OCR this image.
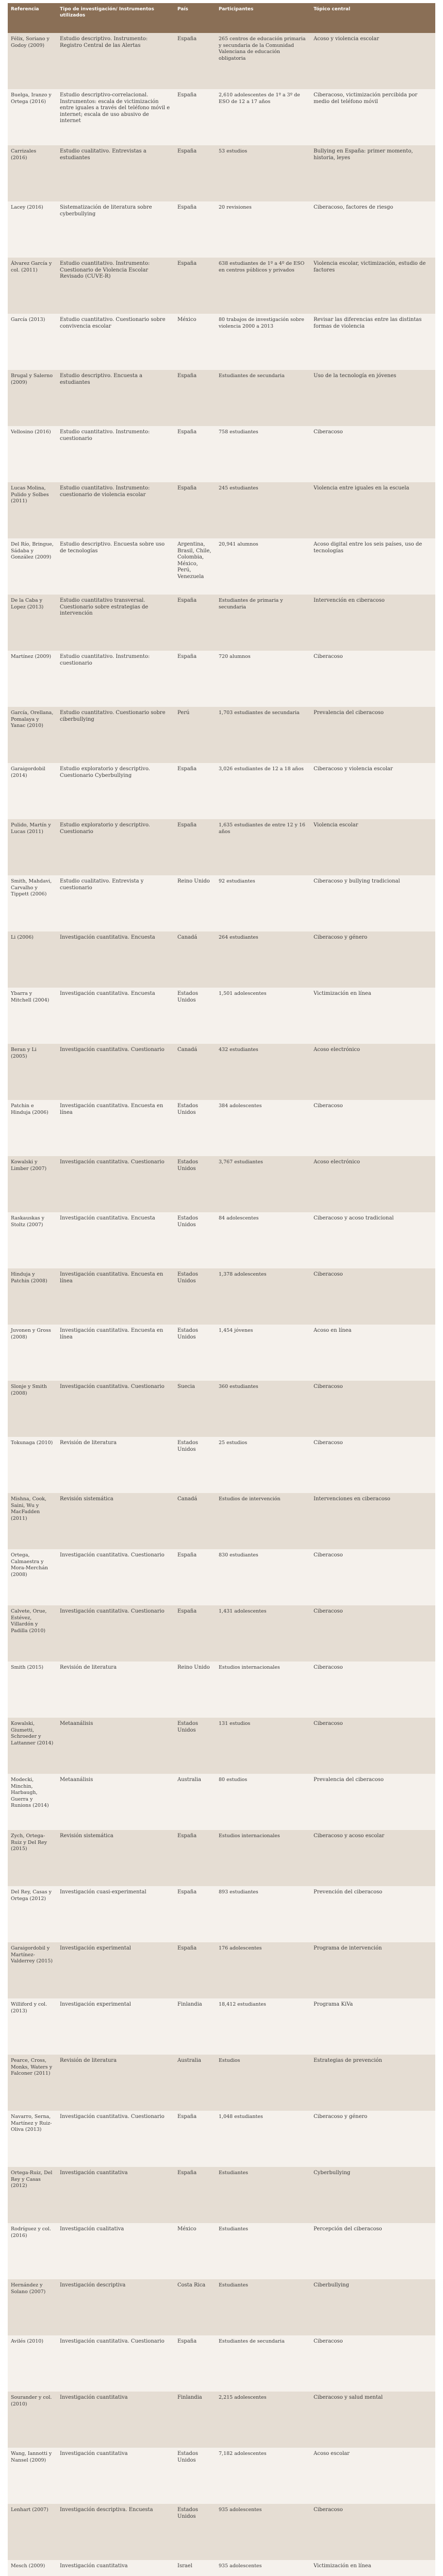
Referencia	Tipo de investigación/ Instrumentos utilizados	País	Participantes	Tópico central
Félix, Soriano y Godoy (2009)	Estudio descriptivo. Instrumento: Registro Central de las Alertas	España	265 centros de educación primaria y secundaria de la Comunidad Valenciana de educación obligatoria	Acoso y violencia escolar
Buelga, Iranzo y Ortega (2016)	Estudio descriptivo-correlacional. Instrumentos: escala de victimización entre iguales a través del teléfono móvil e internet; escala de uso abusivo de internet	España	2,610 adolescentes de 1º a 3º de ESO de 12 a 17 años	Ciberacoso, victimización percibida por medio del teléfono móvil
Carrizales (2016)	Estudio cualitativo. Entrevistas a estudiantes	España	53 estudios	Bullying en España: primer momento, historia, leyes
Lacey (2016)	Sistematización de literatura sobre cyberbullying	España	20 revisiones	Ciberacoso, factores de riesgo
Álvarez García y col. (2011)	Estudio cuantitativo. Instrumento: Cuestionario de Violencia Escolar Revisado (CUVE-R)	España	638 estudiantes de 1º a 4º de ESO en centros públicos y privados	Violencia escolar, victimización, estudio de factores
García (2013)	Estudio cuantitativo. Cuestionario sobre convivencia escolar	México	80 trabajos de investigación sobre violencia 2000 a 2013	Revisar las diferencias entre las distintas formas de violencia
Brugal y Salerno (2009)	Estudio descriptivo. Encuesta a estudiantes	España	Estudiantes de secundaria	Uso de la tecnología en jóvenes
Vellosino (2016)	Estudio cuantitativo. Instrumento: cuestionario	España	758 estudiantes	Ciberacoso
Lucas Molina, Pulido y Solbes (2011)	Estudio cuantitativo. Instrumento: cuestionario de violencia escolar	España	245 estudiantes	Violencia entre iguales en la escuela
Del Río, Bringue, Sádaba y González (2009)	Estudio descriptivo. Encuesta sobre uso de tecnologías	Argentina, Brasil, Chile, Colombia, México, Perú, Venezuela	20,941 alumnos	Acoso digital entre los seis países, uso de tecnologías
De la Caba y Lopez (2013)	Estudio cuantitativo transversal. Cuestionario sobre estrategias de intervención	España	Estudiantes de primaria y secundaria	Intervención en ciberacoso
Martínez (2009)	Estudio cuantitativo. Instrumento: cuestionario	España	720 alumnos	Ciberacoso
García, Orellana, Pomalaya y Yanac (2010)	Estudio cuantitativo. Cuestionario sobre ciberbullying	Perú	1,703 estudiantes de secundaria	Prevalencia del ciberacoso
Garaigordobil (2014)	Estudio exploratorio y descriptivo. Cuestionario Cyberbullying	España	3,026 estudiantes de 12 a 18 años	Ciberacoso y violencia escolar
Pulido, Martín y Lucas (2011)	Estudio exploratorio y descriptivo. Cuestionario	España	1,635 estudiantes de entre 12 y 16 años	Violencia escolar
Smith, Mahdavi, Carvalho y Tippett (2006)	Estudio cualitativo. Entrevista y cuestionario	Reino Unido	92 estudiantes	Ciberacoso y bullying tradicional
Li (2006)	Investigación cuantitativa. Encuesta	Canadá	264 estudiantes	Ciberacoso y género
Ybarra y Mitchell (2004)	Investigación cuantitativa. Encuesta	Estados Unidos	1,501 adolescentes	Victimización en línea
Beran y Li (2005)	Investigación cuantitativa. Cuestionario	Canadá	432 estudiantes	Acoso electrónico
Patchin e Hinduja (2006)	Investigación cuantitativa. Encuesta en línea	Estados Unidos	384 adolescentes	Ciberacoso
Kowalski y Limber (2007)	Investigación cuantitativa. Cuestionario	Estados Unidos	3,767 estudiantes	Acoso electrónico
Raskauskas y Stoltz (2007)	Investigación cuantitativa. Encuesta	Estados Unidos	84 adolescentes	Ciberacoso y acoso tradicional
Hinduja y Patchin (2008)	Investigación cuantitativa. Encuesta en línea	Estados Unidos	1,378 adolescentes	Ciberacoso
Juvonen y Gross (2008)	Investigación cuantitativa. Encuesta en línea	Estados Unidos	1,454 jóvenes	Acoso en línea
Slonje y Smith (2008)	Investigación cuantitativa. Cuestionario	Suecia	360 estudiantes	Ciberacoso
Tokunaga (2010)	Revisión de literatura	Estados Unidos	25 estudios	Ciberacoso
Mishna, Cook, Saini, Wu y MacFadden (2011)	Revisión sistemática	Canadá	Estudios de intervención	Intervenciones en ciberacoso
Ortega, Calmaestra y Mora-Merchán (2008)	Investigación cuantitativa. Cuestionario	España	830 estudiantes	Ciberacoso
Calvete, Orue, Estévez, Villardón y Padilla (2010)	Investigación cuantitativa. Cuestionario	España	1,431 adolescentes	Ciberacoso
Smith (2015)	Revisión de literatura	Reino Unido	Estudios internacionales	Ciberacoso
Kowalski, Giumetti, Schroeder y Lattanner (2014)	Metaanálisis	Estados Unidos	131 estudios	Ciberacoso
Modecki, Minchin, Harbaugh, Guerra y Runions (2014)	Metaanálisis	Australia	80 estudios	Prevalencia del ciberacoso
Zych, Ortega-Ruiz y Del Rey (2015)	Revisión sistemática	España	Estudios internacionales	Ciberacoso y acoso escolar
Del Rey, Casas y Ortega (2012)	Investigación cuasi-experimental	España	893 estudiantes	Prevención del ciberacoso
Garaigordobil y Martínez-Valderrey (2015)	Investigación experimental	España	176 adolescentes	Programa de intervención
Williford y col. (2013)	Investigación experimental	Finlandia	18,412 estudiantes	Programa KiVa
Pearce, Cross, Monks, Waters y Falconer (2011)	Revisión de literatura	Australia	Estudios	Estrategias de prevención
Navarro, Serna, Martínez y Ruiz-Oliva (2013)	Investigación cuantitativa. Cuestionario	España	1,048 estudiantes	Ciberacoso y género
Ortega-Ruiz, Del Rey y Casas (2012)	Investigación cuantitativa	España	Estudiantes	Cyberbullying
Rodríguez y col. (2016)	Investigación cualitativa	México	Estudiantes	Percepción del ciberacoso
Hernández y Solano (2007)	Investigación descriptiva	Costa Rica	Estudiantes	Ciberbullying
Avilés (2010)	Investigación cuantitativa. Cuestionario	España	Estudiantes de secundaria	Ciberacoso
Sourander y col. (2010)	Investigación cuantitativa	Finlandia	2,215 adolescentes	Ciberacoso y salud mental
Wang, Iannotti y Nansel (2009)	Investigación cuantitativa	Estados Unidos	7,182 adolescentes	Acoso escolar
Lenhart (2007)	Investigación descriptiva. Encuesta	Estados Unidos	935 adolescentes	Ciberacoso
Mesch (2009)	Investigación cuantitativa	Israel	935 adolescentes	Victimización en línea
